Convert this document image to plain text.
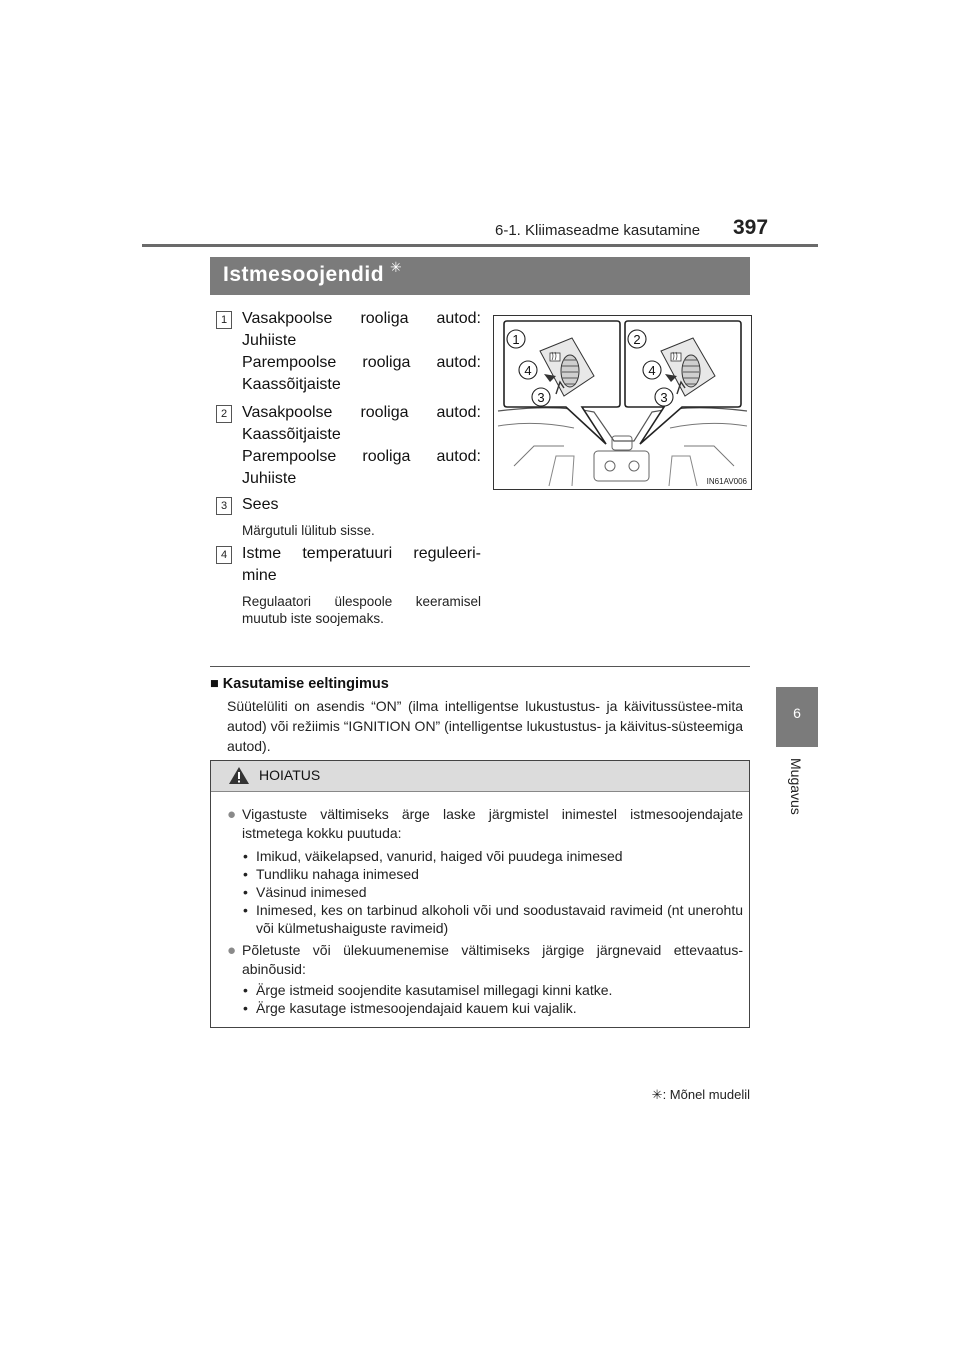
6-1. Kliimaseadme kasutamine 397
6
Mugavus
Istmesoojendid ✳
1 Vasakpoolse rooliga autod:
Juhiiste
Parempoolse rooliga autod:
Kaassõitjaiste
2 Vasakpoolse rooliga autod:
Kaassõitjaiste
Parempoolse rooliga autod:
Juhiiste
3 Sees
Märgutuli lülitub sisse.
4 Istme temperatuuri reguleeri-
mine
Regulaatori ülespoole keeramisel muutub iste soojemaks.
1
4
3
2
4
3
IN61AV006
■ Kasutamise eeltingimus
Süütelüliti on asendis “ON” (ilma intelligentse lukustustus- ja käivitussüstee-mita autod) või režiimis “IGNITION ON” (intelligentse lukustustus- ja käivitus-süsteemiga autod).
HOIATUS
● Vigastuste vältimiseks ärge laske järgmistel inimestel istmesoojendajate istmetega kokku puutuda:
• Imikud, väikelapsed, vanurid, haiged või puudega inimesed
• Tundliku nahaga inimesed
• Väsinud inimesed
• Inimesed, kes on tarbinud alkoholi või und soodustavaid ravimeid (nt unerohtu või külmetushaiguste ravimeid)
● Põletuste või ülekuumenemise vältimiseks järgige järgnevaid ettevaatus-abinõusid:
• Ärge istmeid soojendite kasutamisel millegagi kinni katke.
• Ärge kasutage istmesoojendajaid kauem kui vajalik.
✳: Mõnel mudelil
